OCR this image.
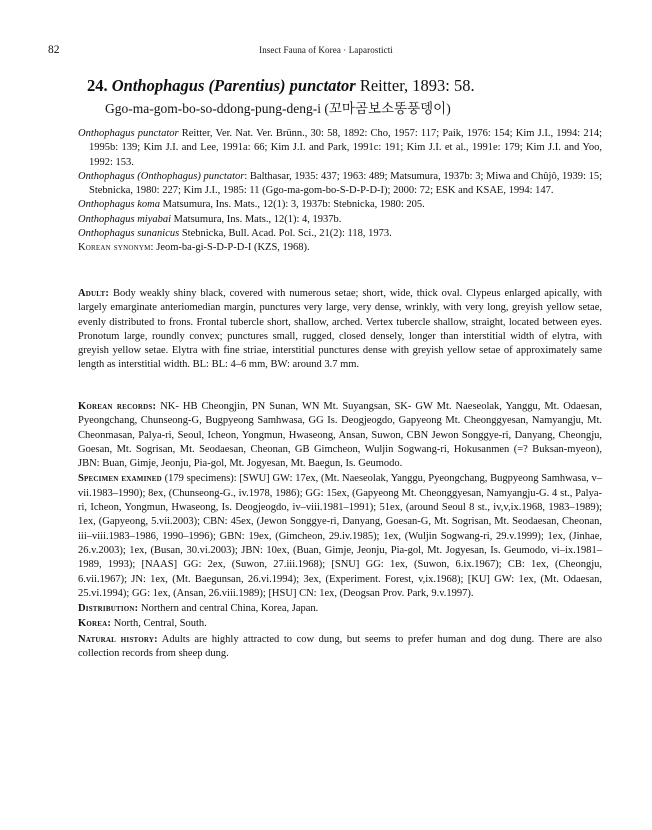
82	Insect Fauna of Korea · Laparosticti
24. Onthophagus (Parentius) punctator Reitter, 1893: 58.
Ggo-ma-gom-bo-so-ddong-pung-deng-i (꼬마곰보소똥풍뎅이)

Onthophagus punctator Reitter, Ver. Nat. Ver. Brünn., 30: 58, 1892: Cho, 1957: 117; Paik, 1976: 154; Kim J.I., 1994: 214; 1995b: 139; Kim J.I. and Lee, 1991a: 66; Kim J.I. and Park, 1991c: 191; Kim J.I. et al., 1991e: 179; Kim J.I. and Yoo, 1992: 153.

Onthophagus (Onthophagus) punctator: Balthasar, 1935: 437; 1963: 489; Matsumura, 1937b: 3; Miwa and Chûjô, 1939: 15; Stebnicka, 1980: 227; Kim J.I., 1985: 11 (Ggo-ma-gom-bo-S-D-P-D-I); 2000: 72; ESK and KSAE, 1994: 147.

Onthophagus koma Matsumura, Ins. Mats., 12(1): 3, 1937b: Stebnicka, 1980: 205.

Onthophagus miyabai Matsumura, Ins. Mats., 12(1): 4, 1937b.

Onthophagus sunanicus Stebnicka, Bull. Acad. Pol. Sci., 21(2): 118, 1973.

Korean synonym: Jeom-ba-gi-S-D-P-D-I (KZS, 1968).

Adult: Body weakly shiny black, covered with numerous setae; short, wide, thick oval. Clypeus enlarged apically, with largely emarginate anteriomedian margin, punctures very large, very dense, wrinkly, with very long, greyish yellow setae, evenly distributed to frons. Frontal tubercle short, shallow, arched. Vertex tubercle shallow, straight, located between eyes. Pronotum large, roundly convex; punctures small, rugged, closed densely, longer than interstitial width of elytra, with greyish yellow setae. Elytra with fine striae, interstitial punctures dense with greyish yellow setae of approximately same length as interstitial width. BL: BL: 4–6 mm, BW: around 3.7 mm.

Korean records: NK- HB Cheongjin, PN Sunan, WN Mt. Suyangsan, SK- GW Mt. Naeseolak, Yanggu, Mt. Odaesan, Pyeongchang, Chunseong-G, Bugpyeong Samhwasa, GG Is. Deogjeogdo, Gapyeong Mt. Cheonggyesan, Namyangju, Mt. Cheonmasan, Palya-ri, Seoul, Icheon, Yongmun, Hwaseong, Ansan, Suwon, CBN Jewon Songgye-ri, Danyang, Cheongju, Goesan, Mt. Sogrisan, Mt. Seodaesan, Cheonan, GB Gimcheon, Wuljin Sogwang-ri, Hokusanmen (=? Buksan-myeon), JBN: Buan, Gimje, Jeonju, Pia-gol, Mt. Jogyesan, Mt. Baegun, Is. Geumodo.

Specimen examined (179 specimens): [SWU] GW: 17ex, (Mt. Naeseolak, Yanggu, Pyeongchang, Bugpyeong Samhwasa, v–vii.1983–1990); 8ex, (Chunseong-G., iv.1978, 1986); GG: 15ex, (Gapyeong Mt. Cheonggyesan, Namyangju-G. 4 st., Palya-ri, Icheon, Yongmun, Hwaseong, Is. Deogjeogdo, iv–viii.1981–1991); 51ex, (around Seoul 8 st., iv,v,ix.1968, 1983–1989); 1ex, (Gapyeong, 5.vii.2003); CBN: 45ex, (Jewon Songgye-ri, Danyang, Goesan-G, Mt. Sogrisan, Mt. Seodaesan, Cheonan, iii–viii.1983–1986, 1990–1996); GBN: 19ex, (Gimcheon, 29.iv.1985); 1ex, (Wuljin Sogwang-ri, 29.v.1999); 1ex, (Jinhae, 26.v.2003); 1ex, (Busan, 30.vi.2003); JBN: 10ex, (Buan, Gimje, Jeonju, Pia-gol, Mt. Jogyesan, Is. Geumodo, vi–ix.1981–1989, 1993); [NAAS] GG: 2ex, (Suwon, 27.iii.1968); [SNU] GG: 1ex, (Suwon, 6.ix.1967); CB: 1ex, (Cheongju, 6.vii.1967); JN: 1ex, (Mt. Baegunsan, 26.vi.1994); 3ex, (Experiment. Forest, v,ix.1968); [KU] GW: 1ex, (Mt. Odaesan, 25.vi.1994); GG: 1ex, (Ansan, 26.viii.1989); [HSU] CN: 1ex, (Deogsan Prov. Park, 9.v.1997).

Distribution: Northern and central China, Korea, Japan.

Korea: North, Central, South.

Natural history: Adults are highly attracted to cow dung, but seems to prefer human and dog dung. There are also collection records from sheep dung.
